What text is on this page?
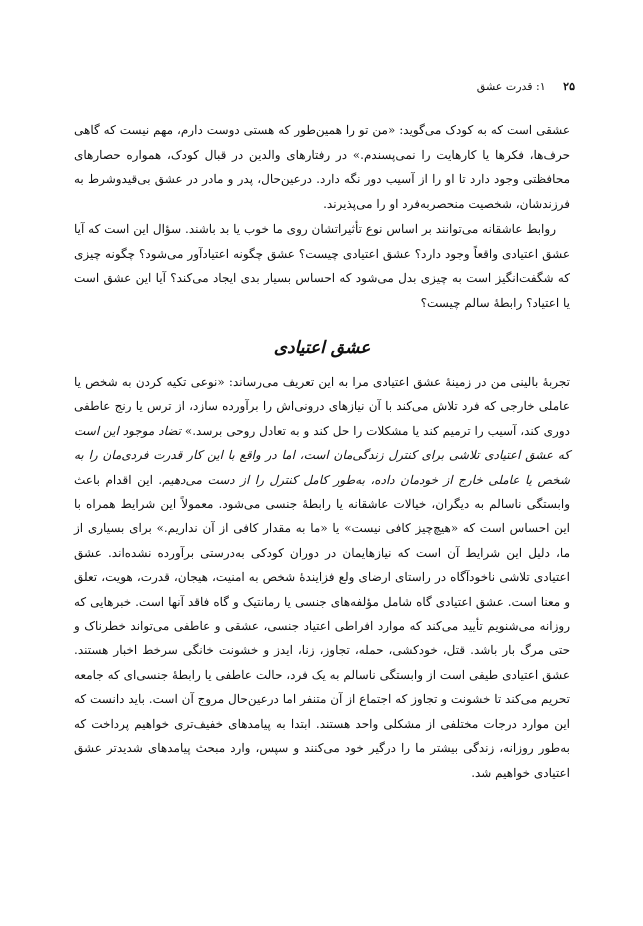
۲۵ ۱: قدرت عشق

عشقی است که به کودک می‌گوید: «من تو را همین‌طور که هستی دوست دارم، مهم نیست که گاهی حرف‌ها، فکرها یا کارهایت را نمی‌پسندم.» در رفتارهای والدین در قبال کودک، همواره حصارهای محافظتی وجود دارد تا او را از آسیب دور نگه دارد. درعین‌حال، پدر و مادر در عشق بی‌قیدوشرط به فرزندشان، شخصیت منحصربه‌فرد او را می‌پذیرند.

روابط عاشقانه می‌توانند بر اساس نوع تأثیراتشان روی ما خوب یا بد باشند. سؤال این است که آیا عشق اعتیادی واقعاً وجود دارد؟ عشق اعتیادی چیست؟ عشق چگونه اعتیادآور می‌شود؟ چگونه چیزی که شگفت‌انگیز است به چیزی بدل می‌شود که احساس بسیار بدی ایجاد می‌کند؟ آیا این عشق است یا اعتیاد؟ رابطهٔ سالم چیست؟

عشق اعتیادی

تجربهٔ بالینی من در زمینهٔ عشق اعتیادی مرا به این تعریف می‌رساند: «نوعی تکیه کردن به شخص یا عاملی خارجی که فرد تلاش می‌کند با آن نیازهای درونی‌اش را برآورده سازد، از ترس یا رنج عاطفی دوری کند، آسیب را ترمیم کند یا مشکلات را حل کند و به تعادل روحی برسد.» تضاد موجود این است که عشق اعتیادی تلاشی برای کنترل زندگی‌مان است، اما در واقع با این کار قدرت فردی‌مان را به شخص یا عاملی خارج از خودمان داده، به‌طور کامل کنترل را از دست می‌دهیم. این اقدام باعث وابستگی ناسالم به دیگران، خیالات عاشقانه یا رابطهٔ جنسی می‌شود. معمولاً این شرایط همراه با این احساس است که «هیچ‌چیز کافی نیست» یا «ما به مقدار کافی از آن نداریم.» برای بسیاری از ما، دلیل این شرایط آن است که نیازهایمان در دوران کودکی به‌درستی برآورده نشده‌اند. عشق اعتیادی تلاشی ناخودآگاه در راستای ارضای ولع فزایندهٔ شخص به امنیت، هیجان، قدرت، هویت، تعلق و معنا است. عشق اعتیادی گاه شامل مؤلفه‌های جنسی یا رمانتیک و گاه فاقد آنها است. خبرهایی که روزانه می‌شنویم تأیید می‌کند که موارد افراطی اعتیاد جنسی، عشقی و عاطفی می‌تواند خطرناک و حتی مرگ بار باشد. قتل، خودکشی، حمله، تجاوز، زنا، ایدز و خشونت خانگی سرخط اخبار هستند. عشق اعتیادی طیفی است از وابستگی ناسالم به یک فرد، حالت عاطفی یا رابطهٔ جنسی‌ای که جامعه تحریم می‌کند تا خشونت و تجاوز که اجتماع از آن متنفر اما درعین‌حال مروج آن است. باید دانست که این موارد درجات مختلفی از مشکلی واحد هستند. ابتدا به پیامدهای خفیف‌تری خواهیم پرداخت که به‌طور روزانه، زندگی بیشتر ما را درگیر خود می‌کنند و سپس، وارد مبحث پیامدهای شدیدتر عشق اعتیادی خواهیم شد.
